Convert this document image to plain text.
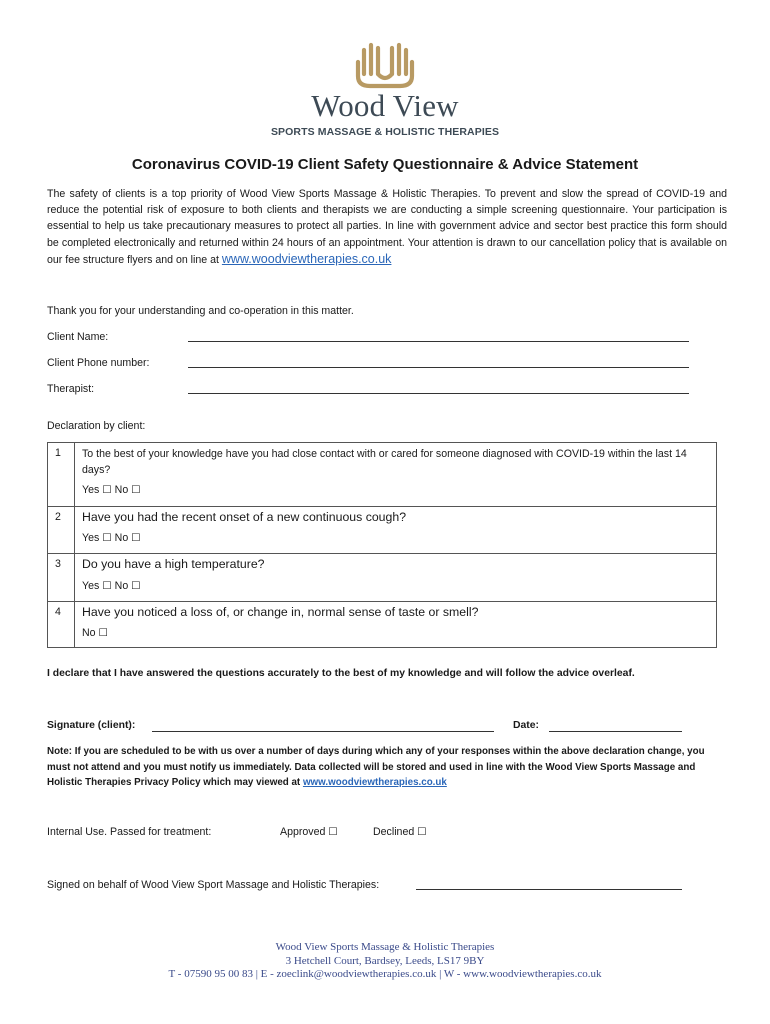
Wood View
SPORTS MASSAGE & HOLISTIC THERAPIES
Coronavirus COVID-19 Client Safety Questionnaire & Advice Statement
The safety of clients is a top priority of Wood View Sports Massage & Holistic Therapies. To prevent and slow the spread of COVID-19 and reduce the potential risk of exposure to both clients and therapists we are conducting a simple screening questionnaire. Your participation is essential to help us take precautionary measures to protect all parties. In line with government advice and sector best practice this form should be completed electronically and returned within 24 hours of an appointment. Your attention is drawn to our cancellation policy that is available on our fee structure flyers and on line at www.woodviewtherapies.co.uk
Thank you for your understanding and co-operation in this matter.
Client Name:
Client Phone number:
Therapist:
Declaration by client:
1	To the best of your knowledge have you had close contact with or cared for someone diagnosed with COVID-19 within the last 14 days?
Yes ☐ No ☐
2	Have you had the recent onset of a new continuous cough?
Yes ☐ No ☐
3	Do you have a high temperature?
Yes ☐ No ☐
4	Have you noticed a loss of, or change in, normal sense of taste or smell?
No ☐
I declare that I have answered the questions accurately to the best of my knowledge and will follow the advice overleaf.
Signature (client):	Date:
Note: If you are scheduled to be with us over a number of days during which any of your responses within the above declaration change, you must not attend and you must notify us immediately. Data collected will be stored and used in line with the Wood View Sports Massage and Holistic Therapies Privacy Policy which may viewed at www.woodviewtherapies.co.uk
Internal Use. Passed for treatment:	Approved ☐	Declined ☐
Signed on behalf of Wood View Sport Massage and Holistic Therapies:
Wood View Sports Massage & Holistic Therapies
3 Hetchell Court, Bardsey, Leeds, LS17 9BY
T - 07590 95 00 83 | E - zoeclink@woodviewtherapies.co.uk | W - www.woodviewtherapies.co.uk
